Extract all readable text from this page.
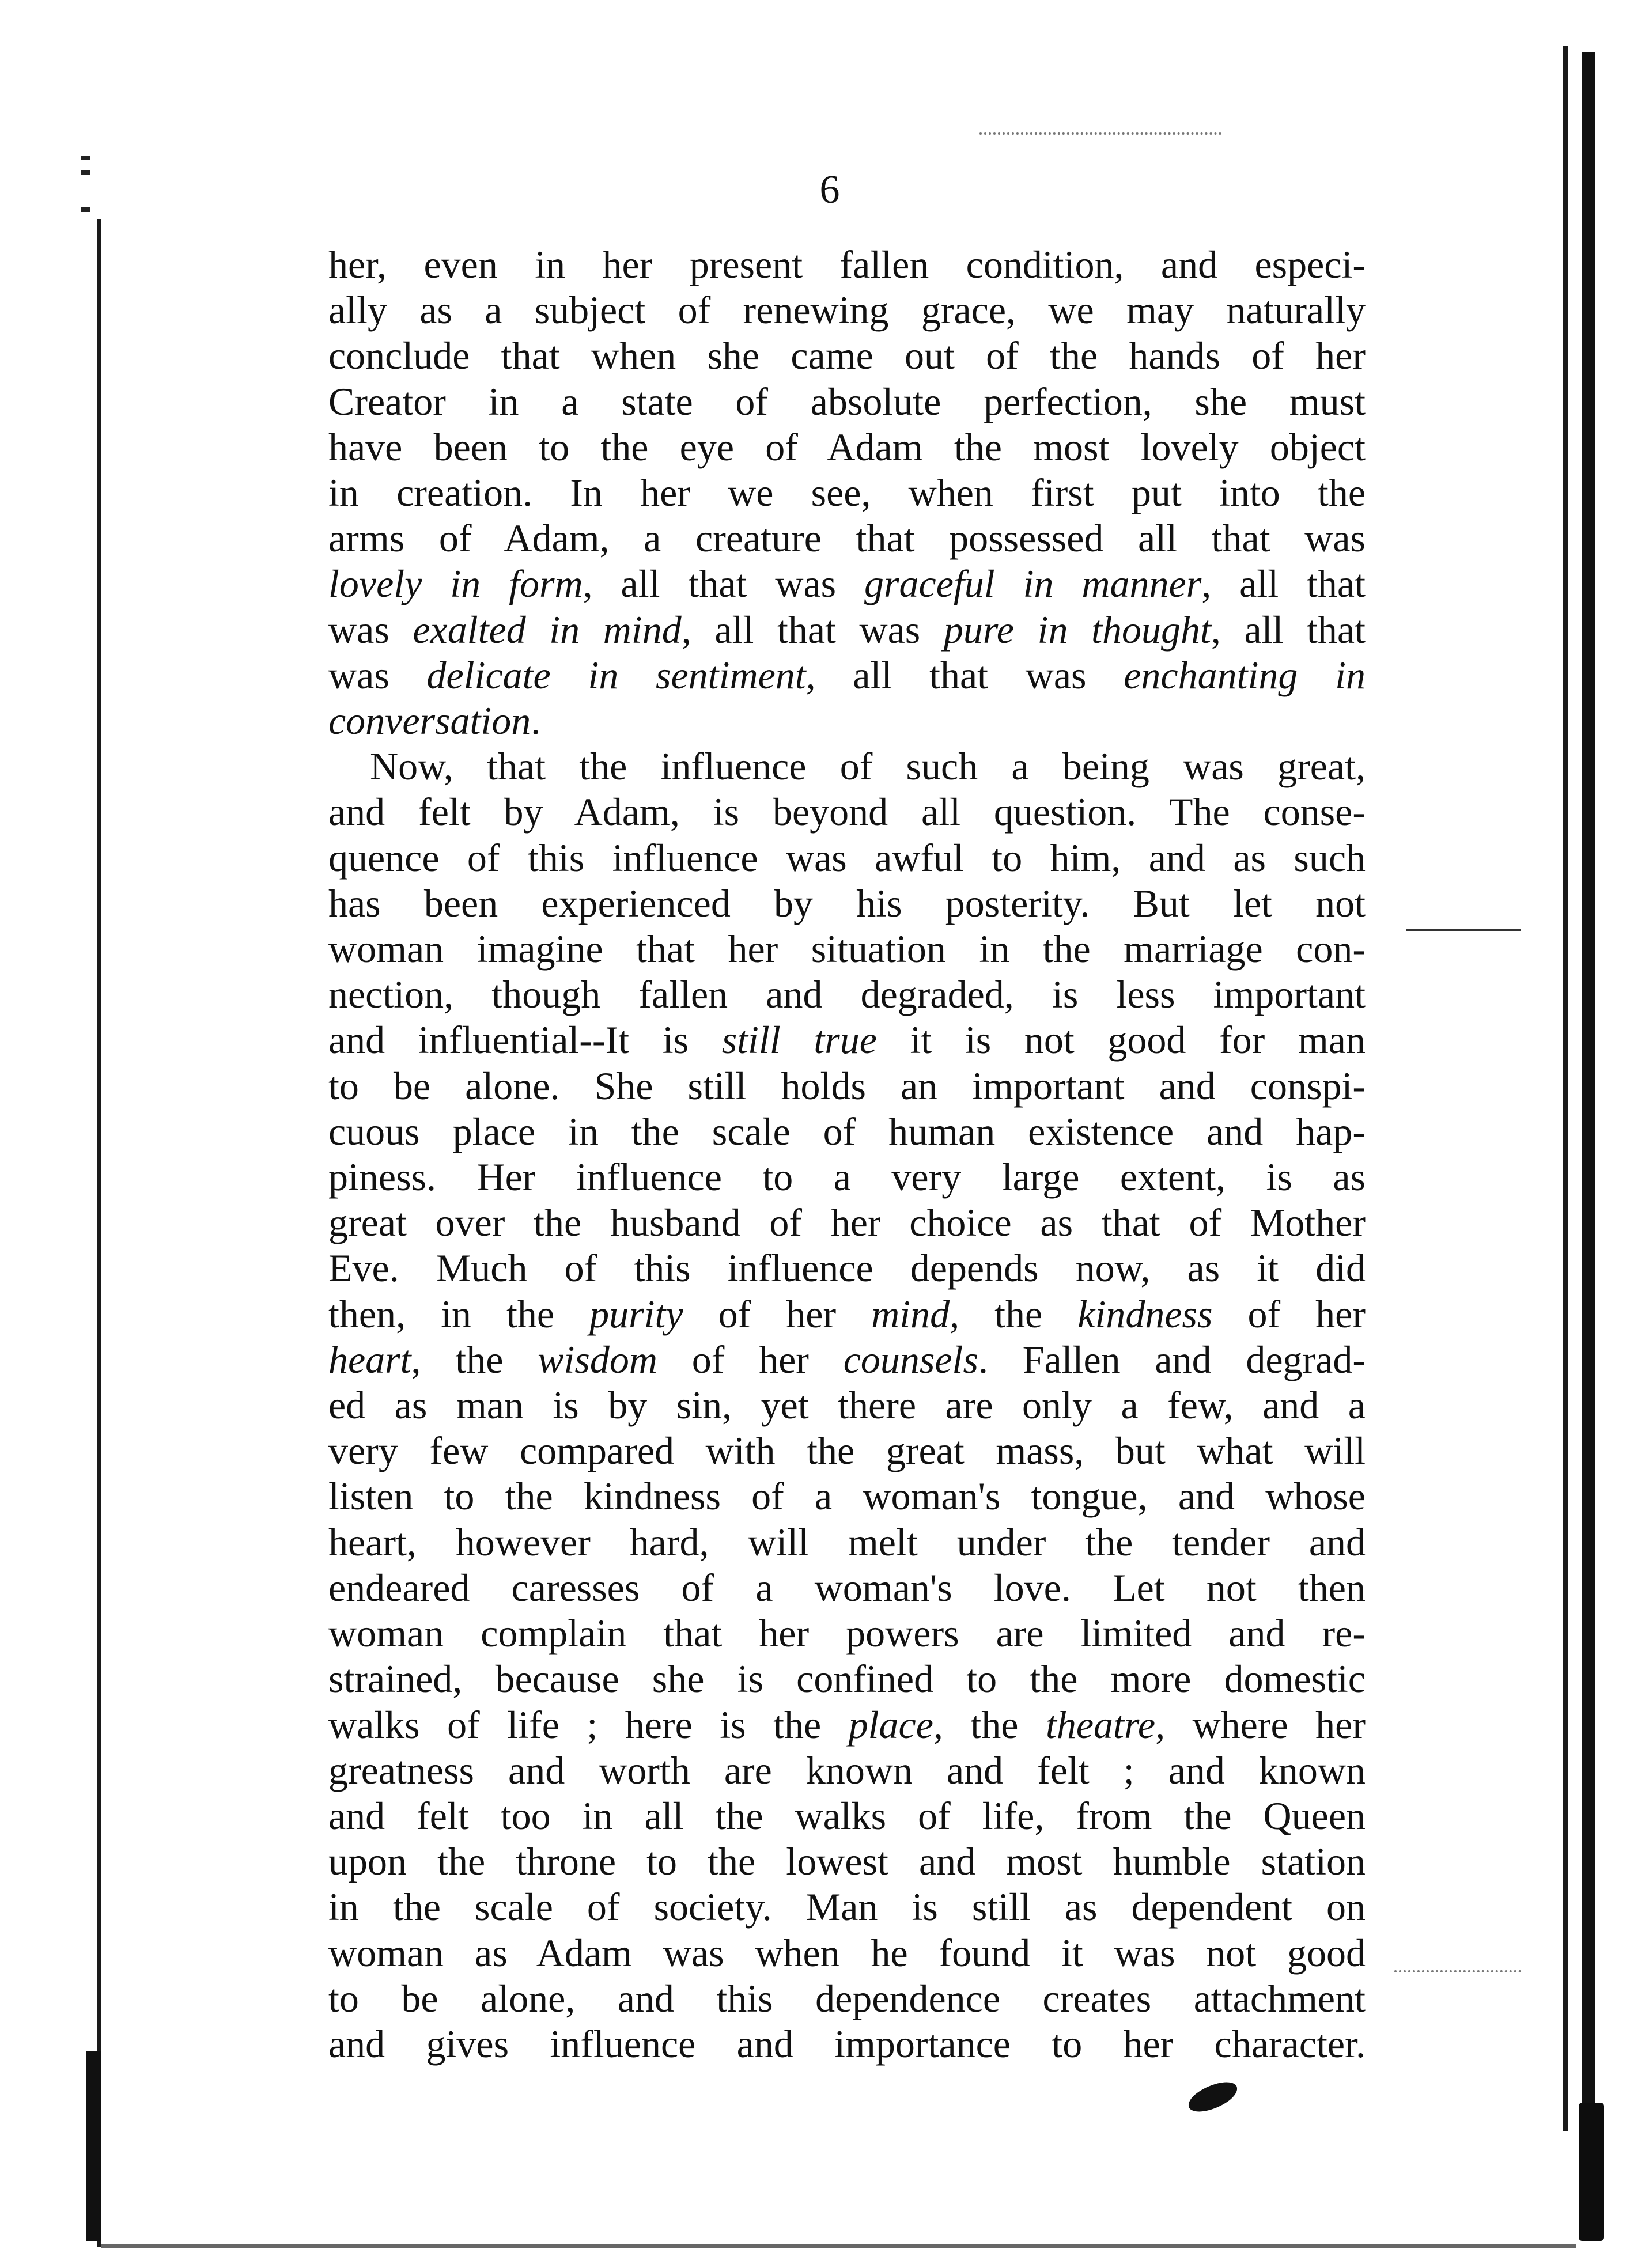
6
her, even in her present fallen condition, and especi-
ally as a subject of renewing grace, we may naturally
conclude that when she came out of the hands of her
Creator in a state of absolute perfection, she must
have been to the eye of Adam the most lovely object
in creation. In her we see, when first put into the
arms of Adam, a creature that possessed all that was
lovely in form, all that was graceful in manner, all that
was exalted in mind, all that was pure in thought, all that
was delicate in sentiment, all that was enchanting in
conversation.
Now, that the influence of such a being was great,
and felt by Adam, is beyond all question. The conse-
quence of this influence was awful to him, and as such
has been experienced by his posterity. But let not
woman imagine that her situation in the marriage con-
nection, though fallen and degraded, is less important
and influential--It is still true it is not good for man
to be alone. She still holds an important and conspi-
cuous place in the scale of human existence and hap-
piness. Her influence to a very large extent, is as
great over the husband of her choice as that of Mother
Eve. Much of this influence depends now, as it did
then, in the purity of her mind, the kindness of her
heart, the wisdom of her counsels. Fallen and degrad-
ed as man is by sin, yet there are only a few, and a
very few compared with the great mass, but what will
listen to the kindness of a woman's tongue, and whose
heart, however hard, will melt under the tender and
endeared caresses of a woman's love. Let not then
woman complain that her powers are limited and re-
strained, because she is confined to the more domestic
walks of life ; here is the place, the theatre, where her
greatness and worth are known and felt ; and known
and felt too in all the walks of life, from the Queen
upon the throne to the lowest and most humble station
in the scale of society. Man is still as dependent on
woman as Adam was when he found it was not good
to be alone, and this dependence creates attachment
and gives influence and importance to her character.
